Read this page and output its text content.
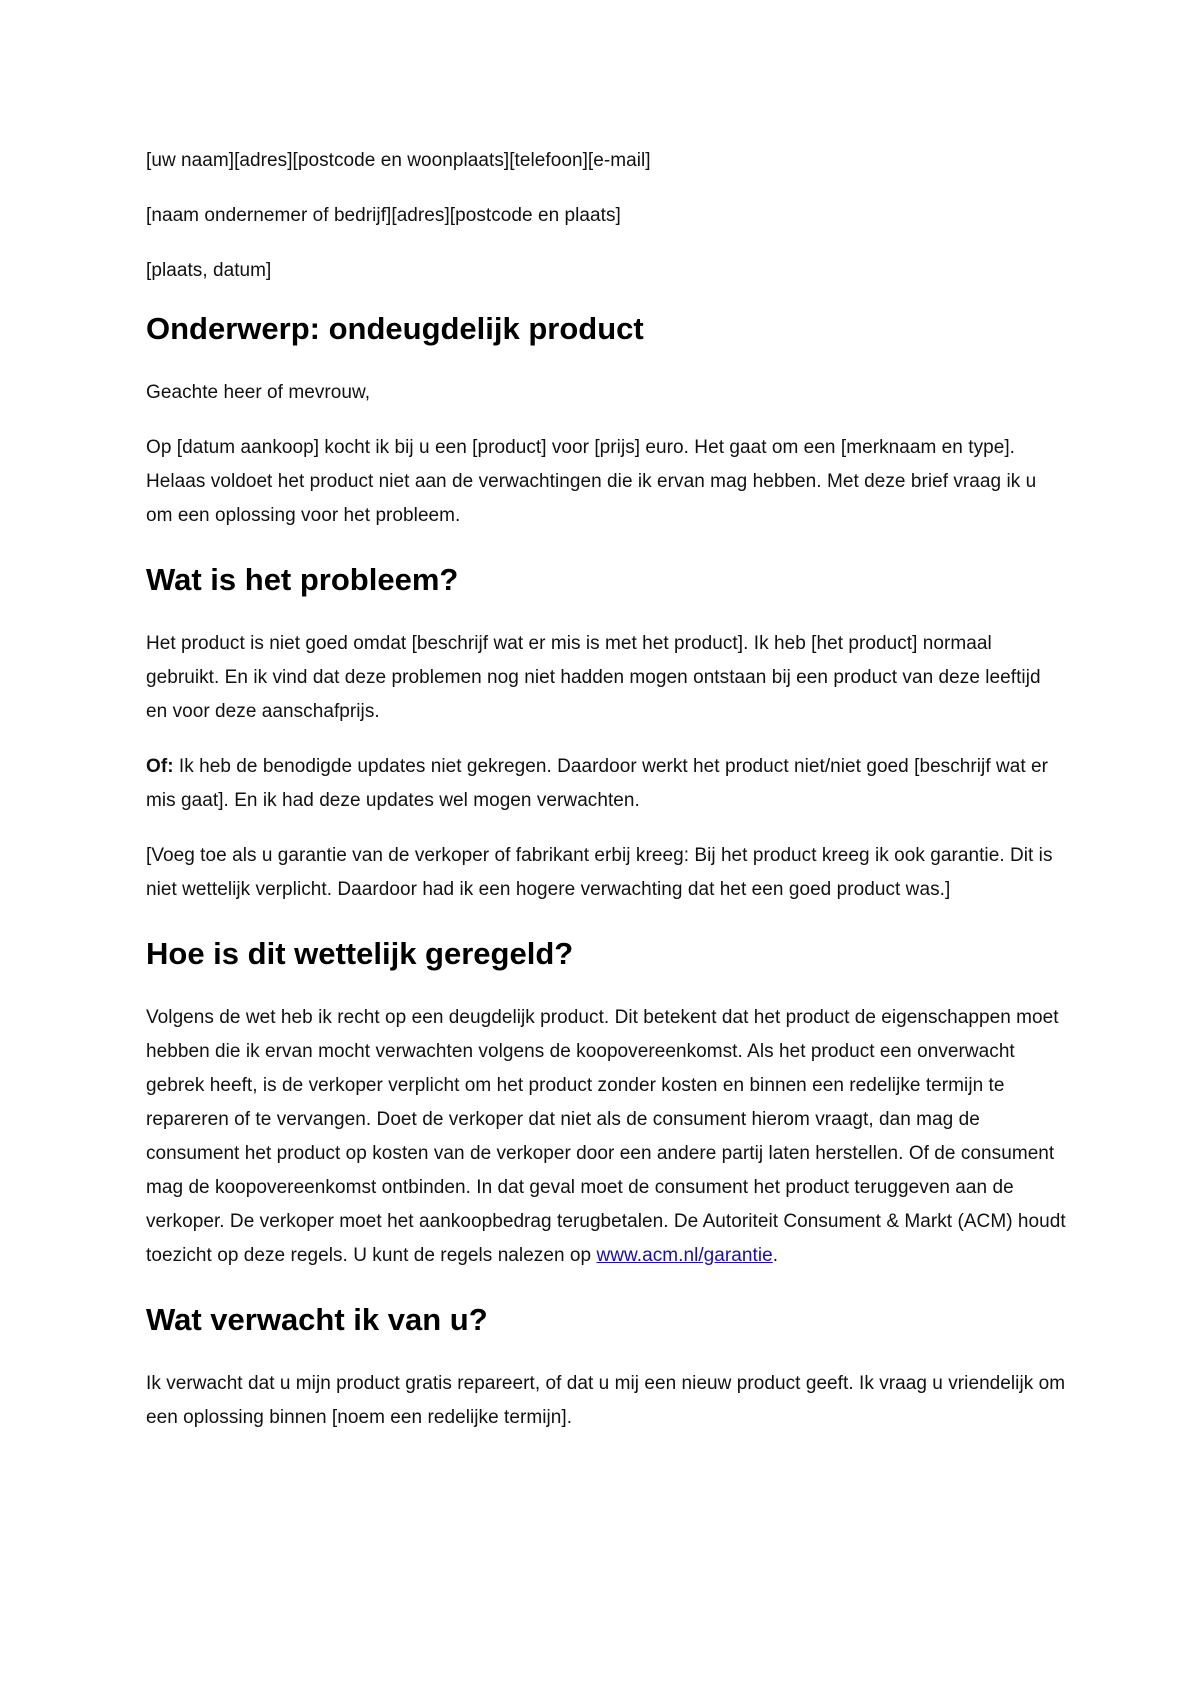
[uw naam][adres][postcode en woonplaats][telefoon][e-mail]

[naam ondernemer of bedrijf][adres][postcode en plaats]

[plaats, datum]

Onderwerp: ondeugdelijk product

Geachte heer of mevrouw,

Op [datum aankoop] kocht ik bij u een [product] voor [prijs] euro. Het gaat om een [merknaam en type]. Helaas voldoet het product niet aan de verwachtingen die ik ervan mag hebben. Met deze brief vraag ik u om een oplossing voor het probleem.

Wat is het probleem?

Het product is niet goed omdat [beschrijf wat er mis is met het product]. Ik heb [het product] normaal gebruikt. En ik vind dat deze problemen nog niet hadden mogen ontstaan bij een product van deze leeftijd en voor deze aanschafprijs.

Of: Ik heb de benodigde updates niet gekregen. Daardoor werkt het product niet/niet goed [beschrijf wat er mis gaat]. En ik had deze updates wel mogen verwachten.

[Voeg toe als u garantie van de verkoper of fabrikant erbij kreeg: Bij het product kreeg ik ook garantie. Dit is niet wettelijk verplicht. Daardoor had ik een hogere verwachting dat het een goed product was.]

Hoe is dit wettelijk geregeld?

Volgens de wet heb ik recht op een deugdelijk product. Dit betekent dat het product de eigenschappen moet hebben die ik ervan mocht verwachten volgens de koopovereenkomst. Als het product een onverwacht gebrek heeft, is de verkoper verplicht om het product zonder kosten en binnen een redelijke termijn te repareren of te vervangen. Doet de verkoper dat niet als de consument hierom vraagt, dan mag de consument het product op kosten van de verkoper door een andere partij laten herstellen. Of de consument mag de koopovereenkomst ontbinden. In dat geval moet de consument het product teruggeven aan de verkoper. De verkoper moet het aankoopbedrag terugbetalen. De Autoriteit Consument & Markt (ACM) houdt toezicht op deze regels. U kunt de regels nalezen op www.acm.nl/garantie.

Wat verwacht ik van u?

Ik verwacht dat u mijn product gratis repareert, of dat u mij een nieuw product geeft. Ik vraag u vriendelijk om een oplossing binnen [noem een redelijke termijn].
